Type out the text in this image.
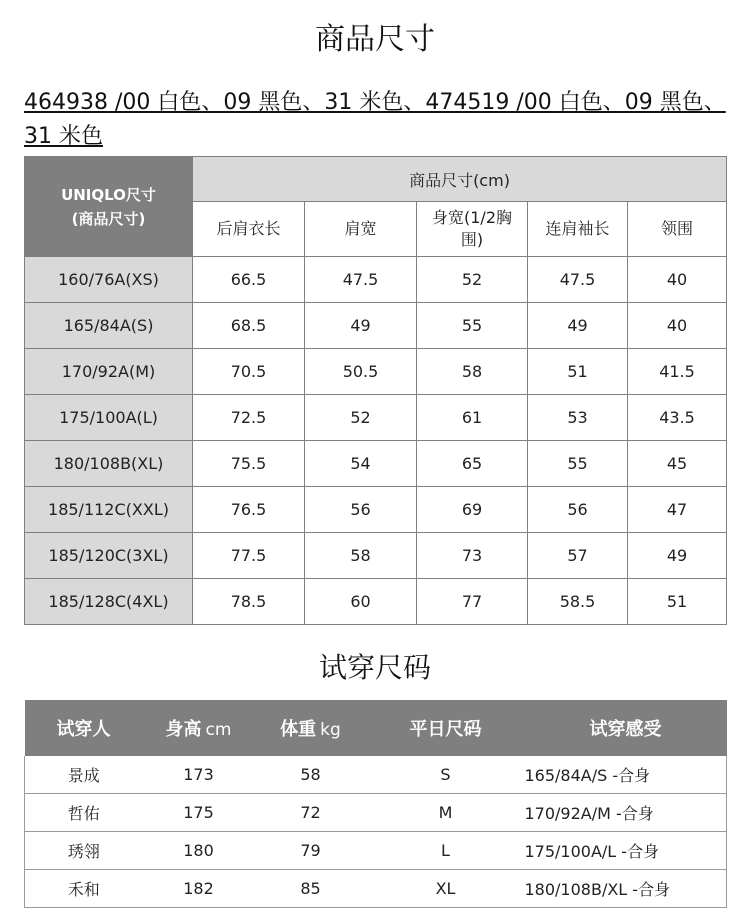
商品尺寸
464938 /00 白色、09 黑色、31 米色、474519 /00 白色、09 黑色、31 米色
UNIQLO尺寸
(商品尺寸)	商品尺寸(cm)				
	后肩衣长	肩宽	身宽(1/2胸围)	连肩袖长	领围
160/76A(XS)	66.5	47.5	52	47.5	40
165/84A(S)	68.5	49	55	49	40
170/92A(M)	70.5	50.5	58	51	41.5
175/100A(L)	72.5	52	61	53	43.5
180/108B(XL)	75.5	54	65	55	45
185/112C(XXL)	76.5	56	69	56	47
185/120C(3XL)	77.5	58	73	57	49
185/128C(4XL)	78.5	60	77	58.5	51
试穿尺码
试穿人	身高 cm	体重 kg	平日尺码	试穿感受
景成	173	58	S	165/84A/S -合身
哲佑	175	72	M	170/92A/M -合身
琇翎	180	79	L	175/100A/L -合身
禾和	182	85	XL	180/108B/XL -合身
